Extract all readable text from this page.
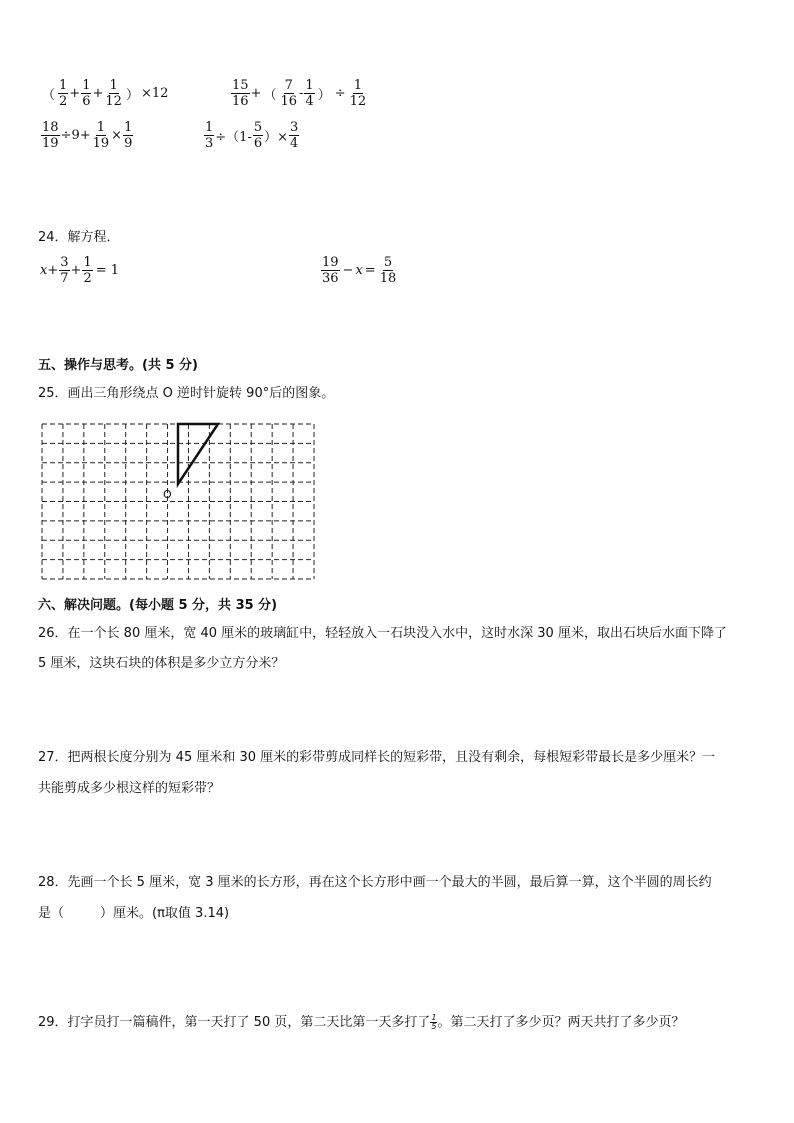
（ $\frac{1}{2} + \frac{1}{6} + \frac{1}{12}$ ） ×12	$\frac{15}{16}$ + （ $\frac{7}{16} - \frac{1}{4}$ ） ÷ $\frac{1}{12}$
$\frac{18}{19} \div 9+ \frac{1}{19} \times \frac{1}{9}$	$\frac{1}{3} \div(1- \frac{5}{6}$ ）× $\frac{3}{4}$
24．解方程．
$x + \frac{3}{7} + \frac{1}{2} = 1$	$\frac{19}{36} - x = \frac{5}{18}$
五、操作与思考。(共 5 分)
25．画出三角形绕点 O 逆时针旋转 90°后的图象。
O
六、解决问题。(每小题 5 分，共 35 分)
26．在一个长 80 厘米，宽 40 厘米的玻璃缸中，轻轻放入一石块没入水中，这时水深 30 厘米，取出石块后水面下降了
5 厘米，这块石块的体积是多少立方分米？
27．把两根长度分别为 45 厘米和 30 厘米的彩带剪成同样长的短彩带，且没有剩余，每根短彩带最长是多少厘米？一
共能剪成多少根这样的短彩带？
28．先画一个长 5 厘米，宽 3 厘米的长方形，再在这个长方形中画一个最大的半圆，最后算一算，这个半圆的周长约
是（	）厘米。(π取值 3.14)
29．打字员打一篇稿件，第一天打了 50 页，第二天比第一天多打了 $\frac{1}{5}$ 。第二天打了多少页？两天共打了多少页？
